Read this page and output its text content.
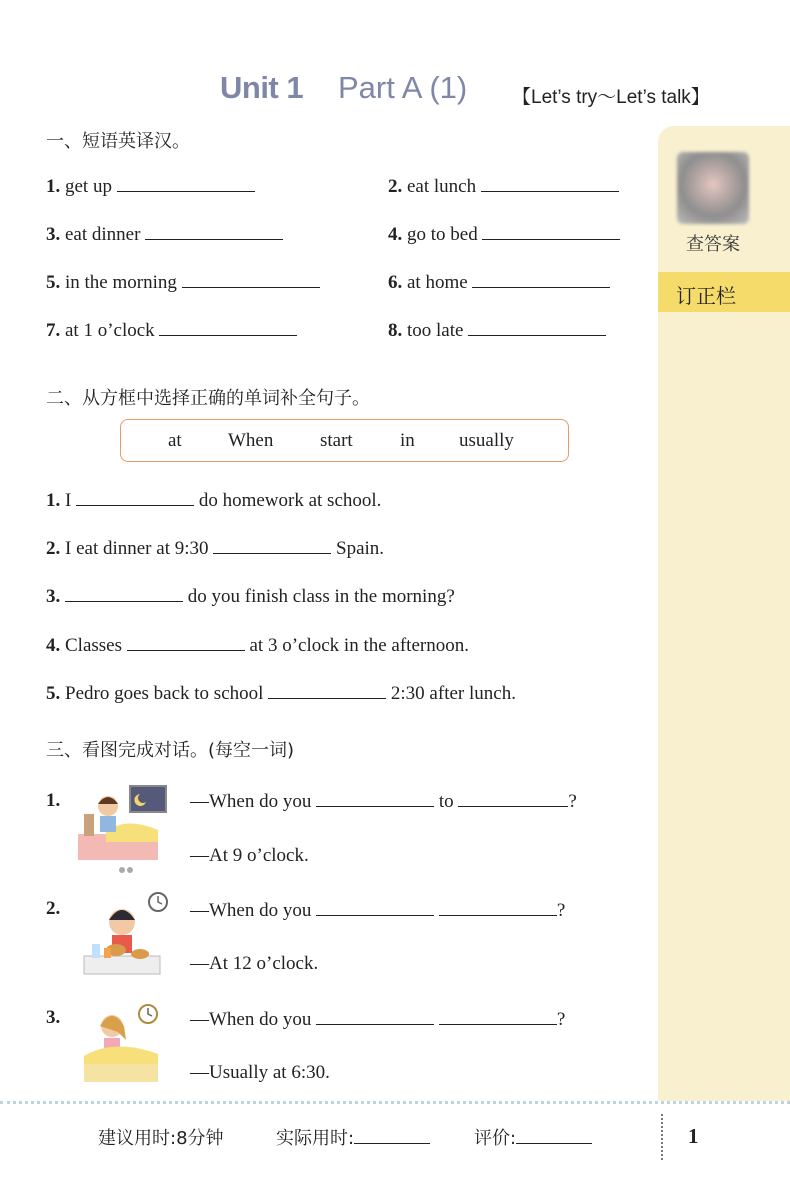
Unit 1 Part A (1) 【Let’s try～Let’s talk】
查答案
订正栏
一、短语英译汉。
1. get up	2. eat lunch
3. eat dinner	4. go to bed
5. in the morning	6. at home
7. at 1 o’clock	8. too late
二、从方框中选择正确的单词补全句子。
at When start in usually
1. I	do homework at school.
2. I eat dinner at 9:30	Spain.
3.	do you finish class in the morning?
4. Classes	at 3 o’clock in the afternoon.
5. Pedro goes back to school	2:30 after lunch.
三、看图完成对话。(每空一词)
1.	—When do you	to	?
—At 9 o’clock.
2.	—When do you	?
—At 12 o’clock.
3.	—When do you	?
—Usually at 6:30.
建议用时:8分钟	实际用时:	评价:	1
